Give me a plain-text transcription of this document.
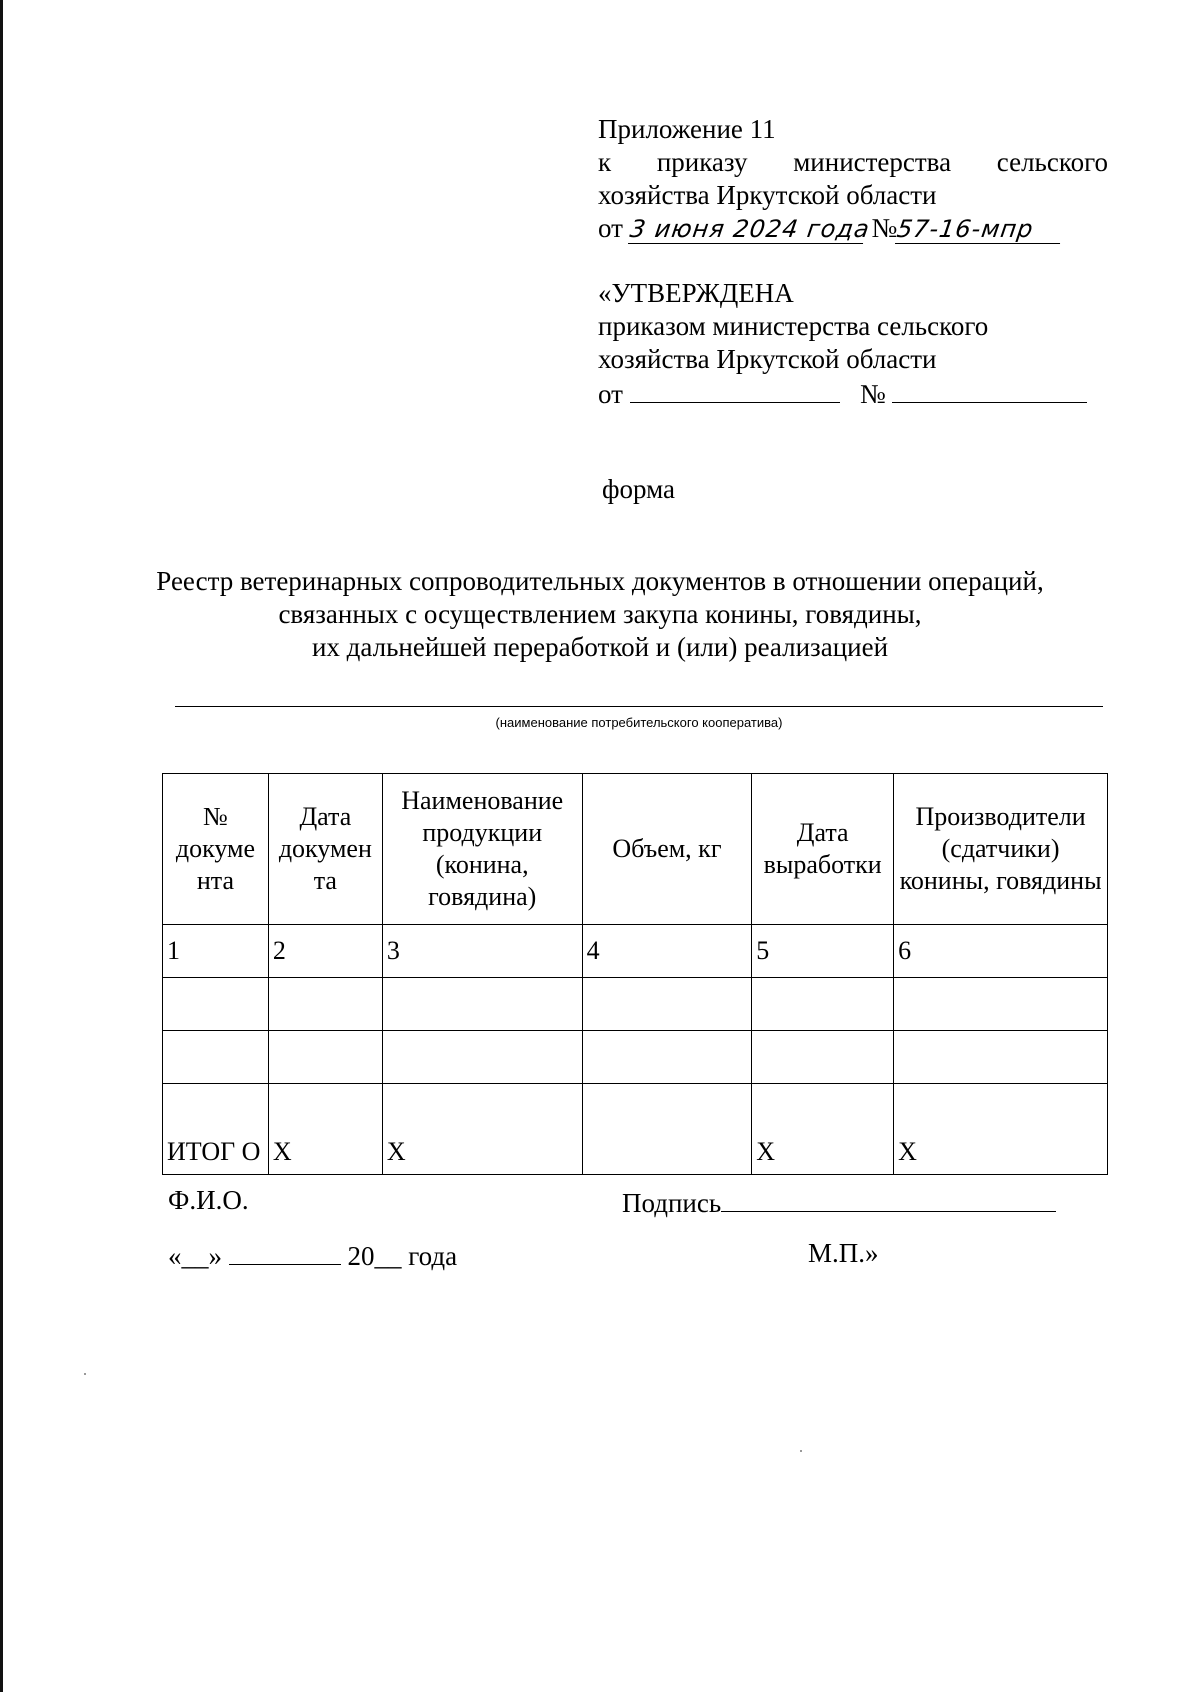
Приложение 11
к приказу министерства сельского
хозяйства Иркутской области
от 3 июня 2024 года №57-16-мпр
«УТВЕРЖДЕНА
приказом министерства сельского
хозяйства Иркутской области
от	№
форма
Реестр ветеринарных сопроводительных документов в отношении операций,
связанных с осуществлением закупа конины, говядины,
их дальнейшей переработкой и (или) реализацией
(наименование потребительского кооператива)
№ докуме нта	Дата докумен та	Наименование продукции (конина, говядина)	Объем, кг	Дата выработки	Производители (сдатчики) конины, говядины
1	2	3	4	5	6

ИТОГ О	Х	Х		Х	Х
Ф.И.О.	Подпись
«__»	20__ года	М.П.»
